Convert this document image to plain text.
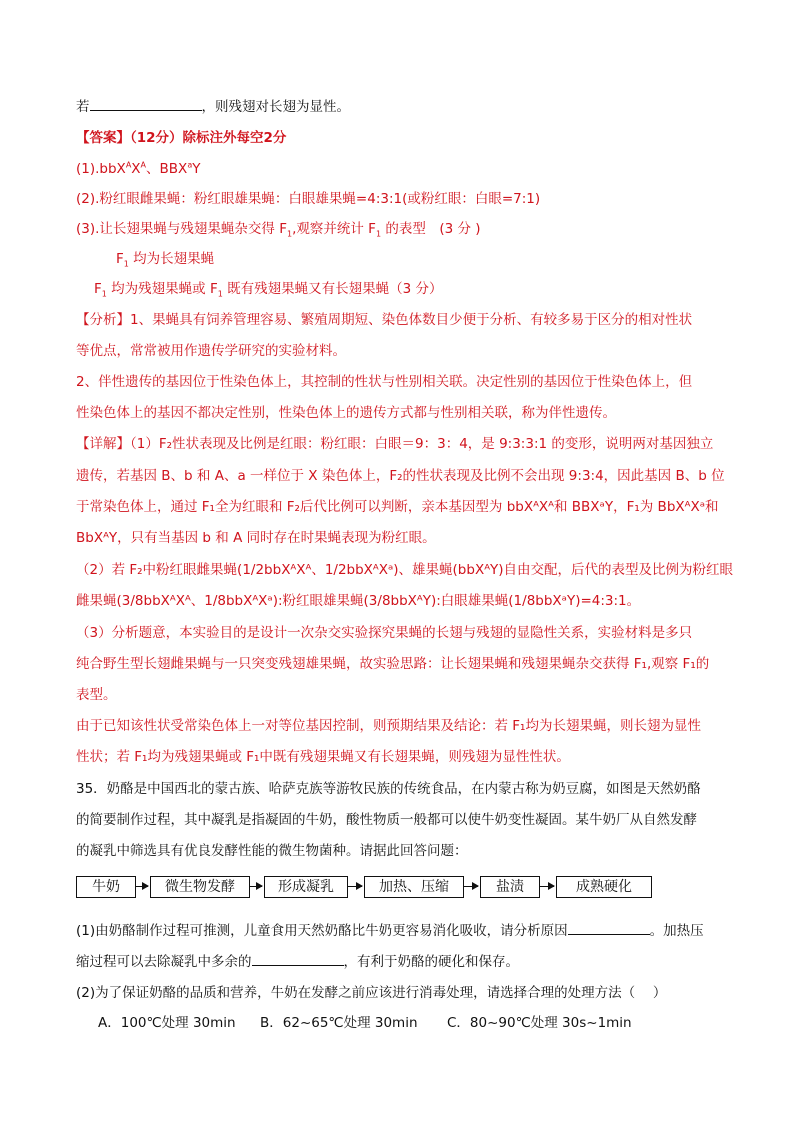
若	，则残翅对长翅为显性。
【答案】（12分）除标注外每空2分
$(1).bbX^AX^A$、BBX$^a$Y
(2).粉红眼雌果蝇：粉红眼雄果蝇：白眼雄果蝇=4:3:1(或粉红眼：白眼=7:1)
(3).让长翅果蝇与残翅果蝇杂交得 $F_1$,观察并统计 $F_1$ 的表型　(3 分 )
$F_1$ 均为长翅果蝇
$F_1$ 均为残翅果蝇或 $F_1$ 既有残翅果蝇又有长翅果蝇（3 分）
【分析】1、果蝇具有饲养管理容易、繁殖周期短、染色体数目少便于分析、有较多易于区分的相对性状
等优点，常常被用作遗传学研究的实验材料。
2、伴性遗传的基因位于性染色体上，其控制的性状与性别相关联。决定性别的基因位于性染色体上，但
性染色体上的基因不都决定性别，性染色体上的遗传方式都与性别相关联，称为伴性遗传。
【详解】（1）F₂性状表现及比例是红眼：粉红眼：白眼＝9：3：4，是 9:3:3:1 的变形，说明两对基因独立
遗传，若基因 B、b 和 A、a 一样位于 X 染色体上，F₂的性状表现及比例不会出现 9:3:4，因此基因 B、b 位
于常染色体上，通过 F₁全为红眼和 F₂后代比例可以判断，亲本基因型为 bbXᴬXᴬ和 BBXᵃY，F₁为 BbXᴬXᵃ和
BbXᴬY，只有当基因 b 和 A 同时存在时果蝇表现为粉红眼。
（2）若 F₂中粉红眼雌果蝇(1/2bbXᴬXᴬ、1/2bbXᴬXᵃ)、雄果蝇(bbXᴬY)自由交配，后代的表型及比例为粉红眼
雌果蝇(3/8bbXᴬXᴬ、1/8bbXᴬXᵃ):粉红眼雄果蝇(3/8bbXᴬY):白眼雄果蝇(1/8bbXᵃY)=4:3:1。
（3）分析题意，本实验目的是设计一次杂交实验探究果蝇的长翅与残翅的显隐性关系，实验材料是多只
纯合野生型长翅雌果蝇与一只突变残翅雄果蝇，故实验思路：让长翅果蝇和残翅果蝇杂交获得 F₁,观察 F₁的
表型。
由于已知该性状受常染色体上一对等位基因控制，则预期结果及结论：若 F₁均为长翅果蝇，则长翅为显性
性状；若 F₁均为残翅果蝇或 F₁中既有残翅果蝇又有长翅果蝇，则残翅为显性性状。
35．奶酪是中国西北的蒙古族、哈萨克族等游牧民族的传统食品，在内蒙古称为奶豆腐，如图是天然奶酪
的简要制作过程，其中凝乳是指凝固的牛奶，酸性物质一般都可以使牛奶变性凝固。某牛奶厂从自然发酵
的凝乳中筛选具有优良发酵性能的微生物菌种。请据此回答问题：
牛奶	微生物发酵	形成凝乳	加热、压缩	盐渍	成熟硬化
(1)由奶酪制作过程可推测，儿童食用天然奶酪比牛奶更容易消化吸收，请分析原因	。加热压
缩过程可以去除凝乳中多余的	，有利于奶酪的硬化和保存。
(2)为了保证奶酪的品质和营养，牛奶在发酵之前应该进行消毒处理，请选择合理的处理方法（　 ）
A．100℃处理 30min	B．62~65℃处理 30min	C．80~90℃处理 30s~1min
